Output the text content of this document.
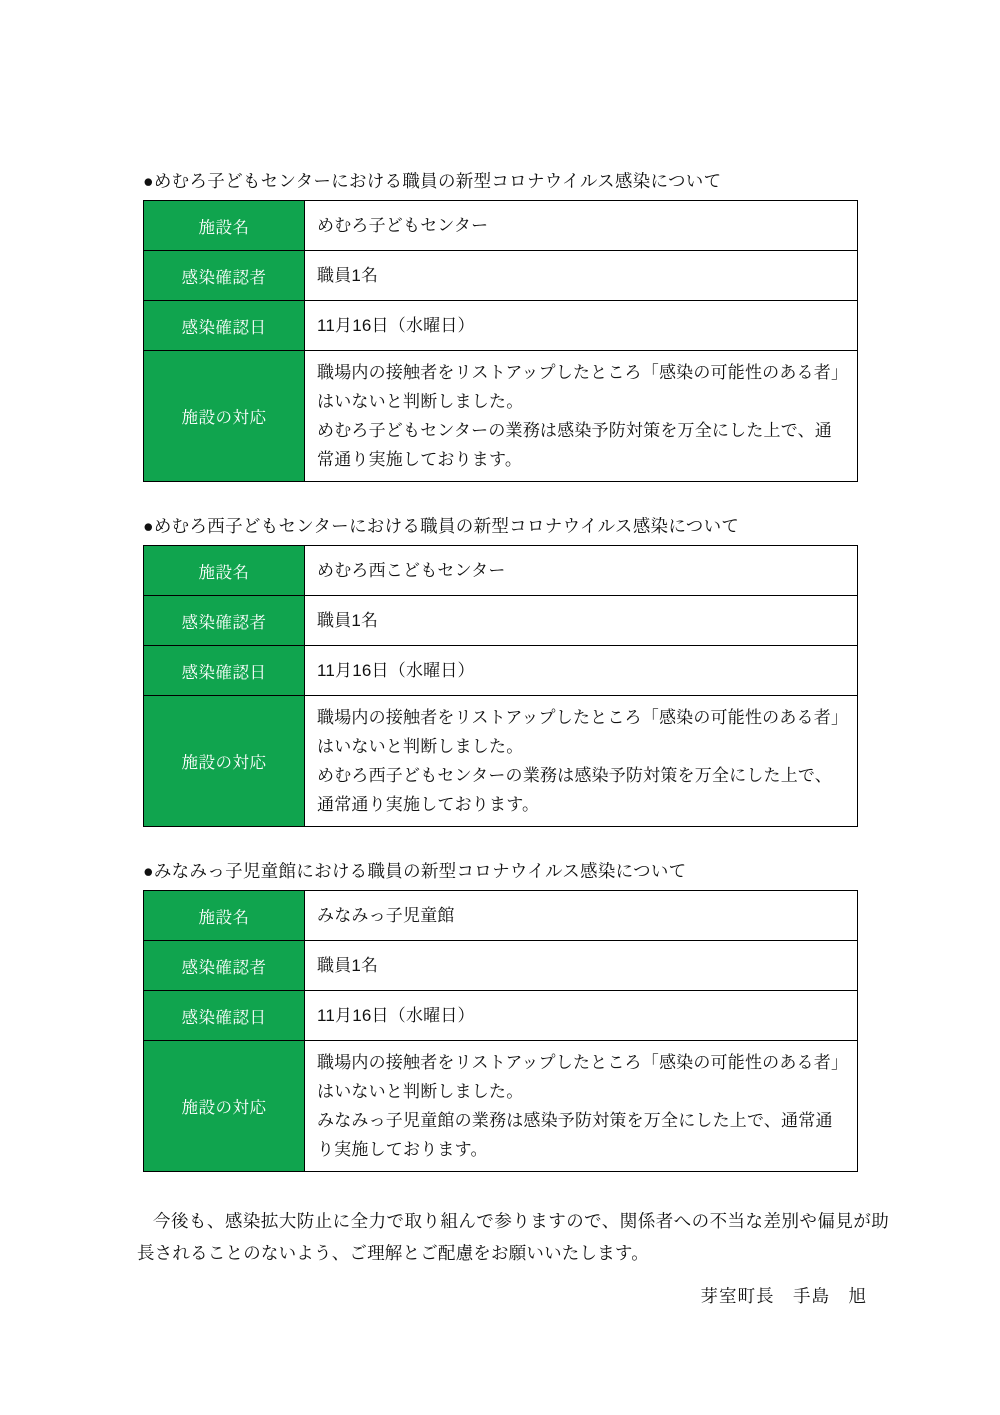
●めむろ子どもセンターにおける職員の新型コロナウイルス感染について
施設名	めむろ子どもセンター
感染確認者	職員1名
感染確認日	11月16日（水曜日）
施設の対応	職場内の接触者をリストアップしたところ「感染の可能性のある者」はいないと判断しました。
めむろ子どもセンターの業務は感染予防対策を万全にした上で、通常通り実施しております。
●めむろ西子どもセンターにおける職員の新型コロナウイルス感染について
施設名	めむろ西こどもセンター
感染確認者	職員1名
感染確認日	11月16日（水曜日）
施設の対応	職場内の接触者をリストアップしたところ「感染の可能性のある者」はいないと判断しました。
めむろ西子どもセンターの業務は感染予防対策を万全にした上で、通常通り実施しております。
●みなみっ子児童館における職員の新型コロナウイルス感染について
施設名	みなみっ子児童館
感染確認者	職員1名
感染確認日	11月16日（水曜日）
施設の対応	職場内の接触者をリストアップしたところ「感染の可能性のある者」はいないと判断しました。
みなみっ子児童館の業務は感染予防対策を万全にした上で、通常通り実施しております。

今後も、感染拡大防止に全力で取り組んで参りますので、関係者への不当な差別や偏見が助長されることのないよう、ご理解とご配慮をお願いいたします。

芽室町長　手島　旭
